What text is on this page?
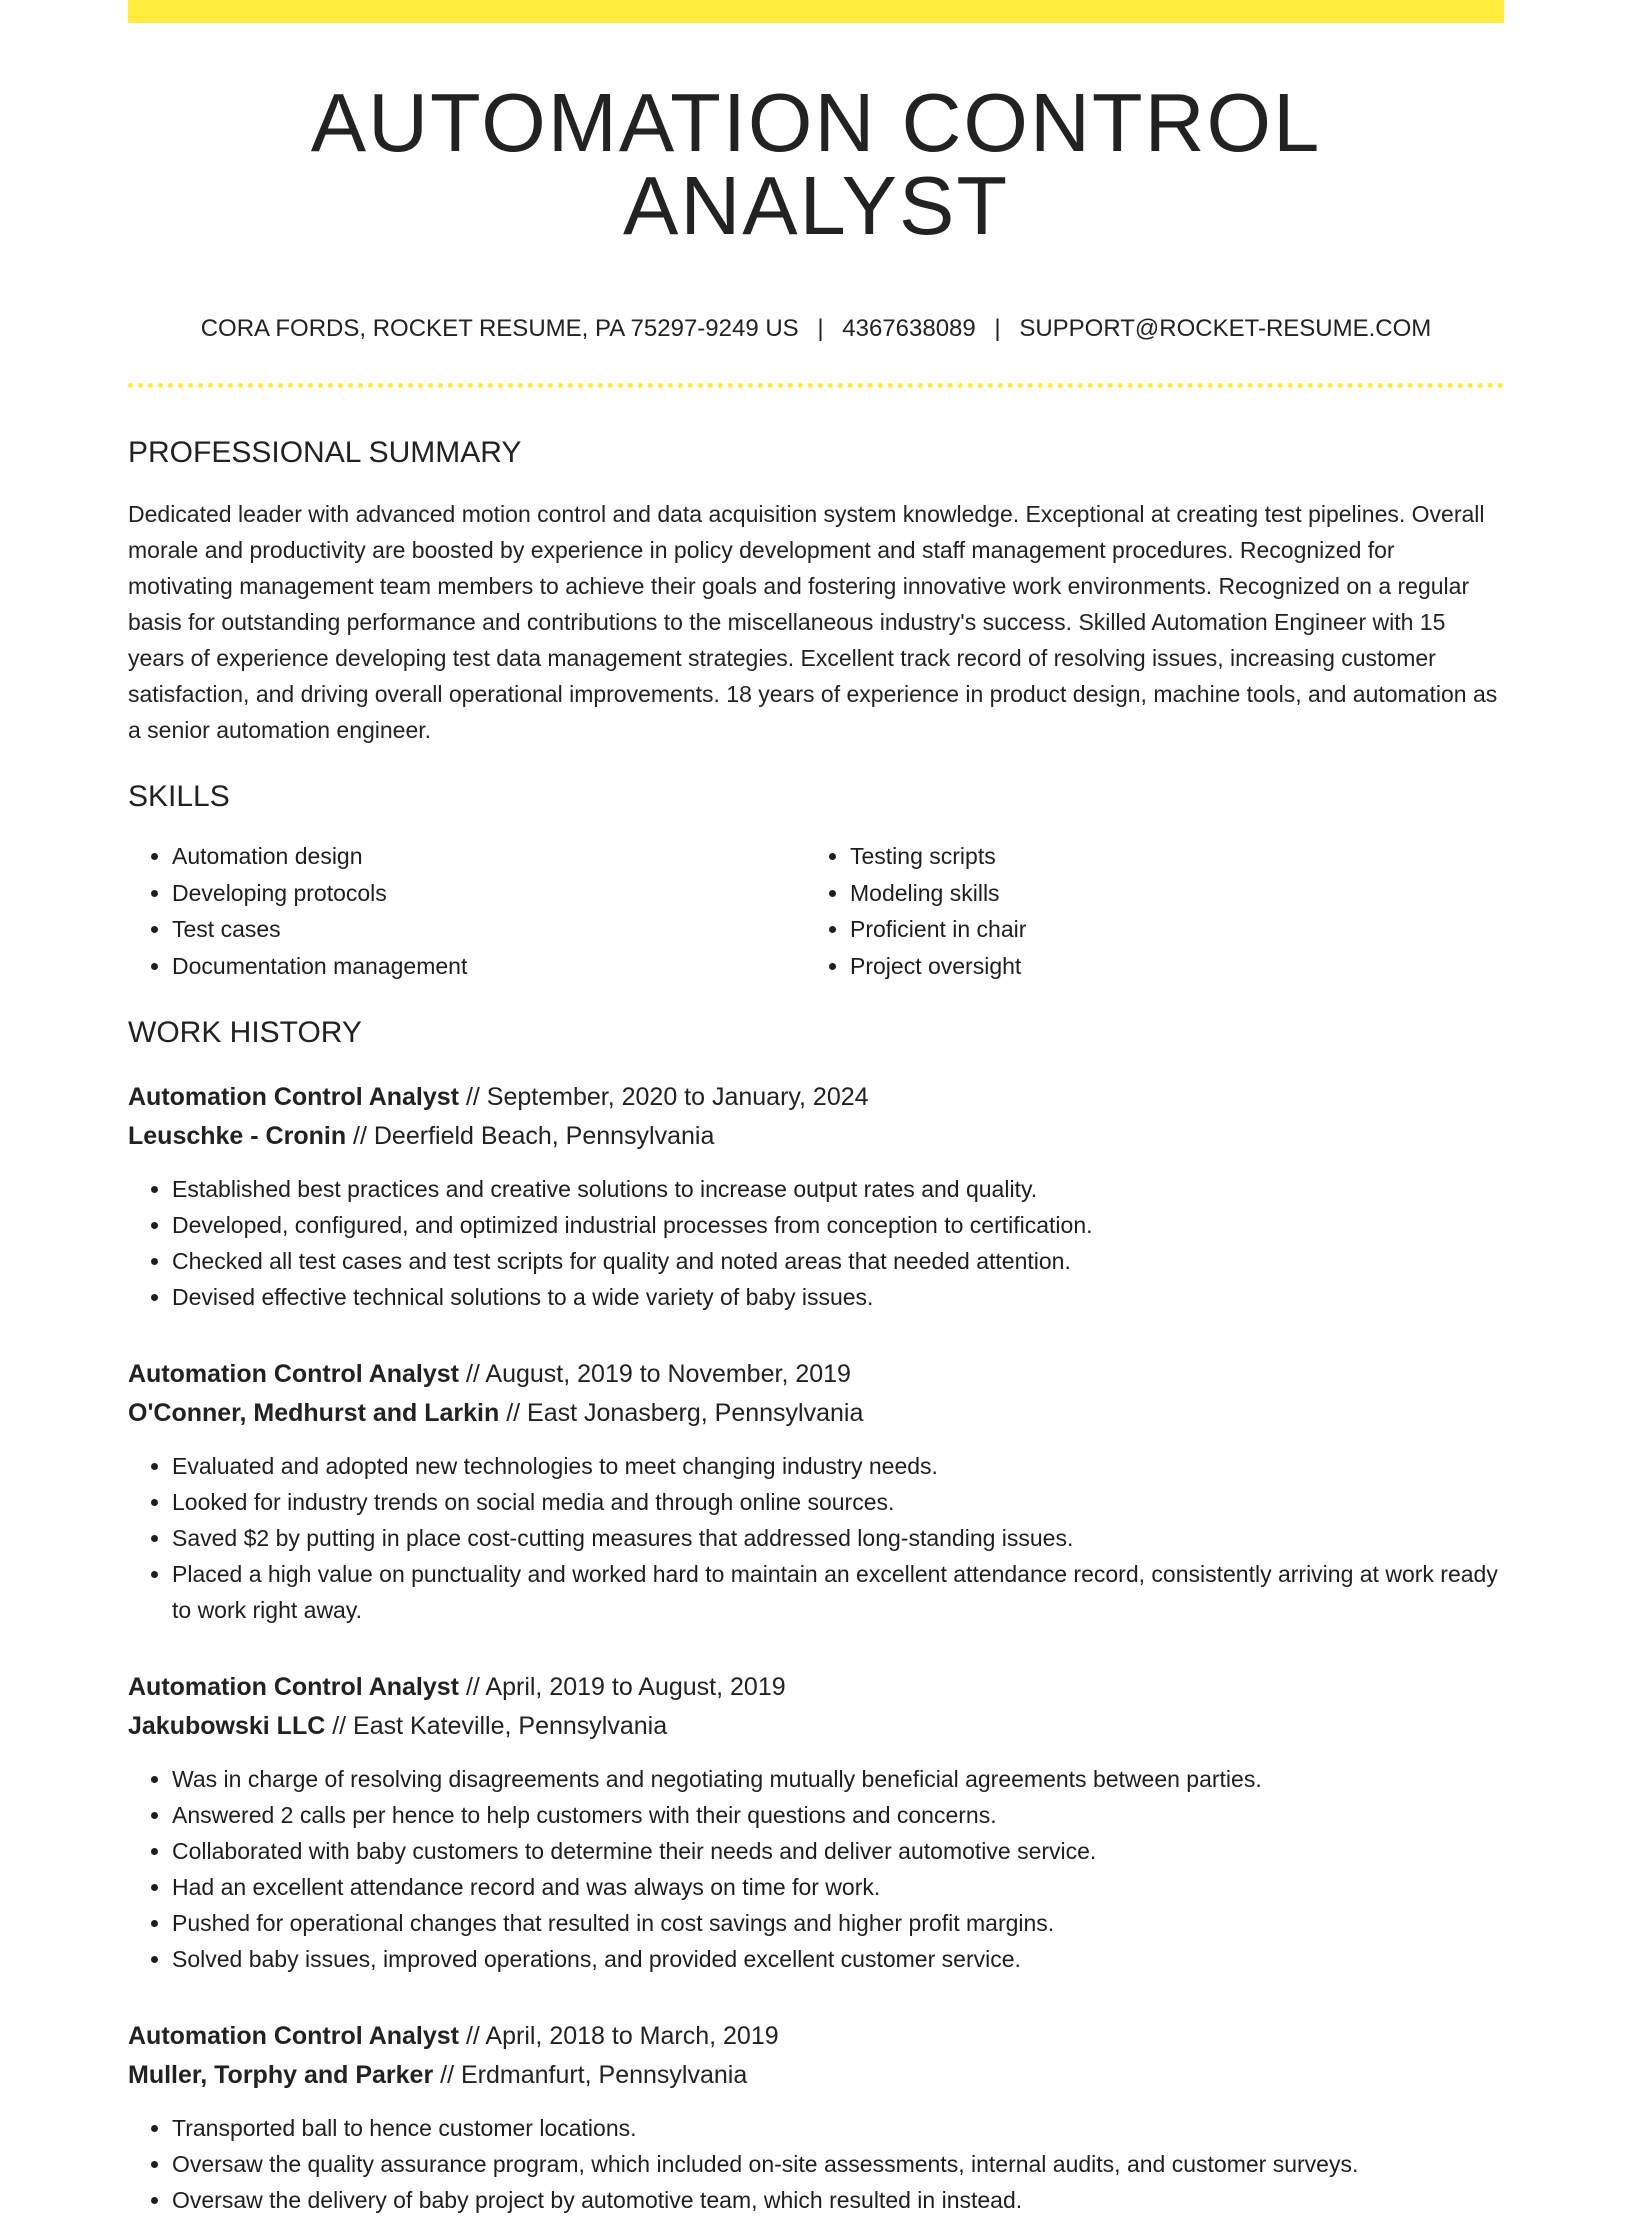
AUTOMATION CONTROL ANALYST
CORA FORDS, ROCKET RESUME, PA 75297-9249 US | 4367638089 | SUPPORT@ROCKET-RESUME.COM
PROFESSIONAL SUMMARY

Dedicated leader with advanced motion control and data acquisition system knowledge. Exceptional at creating test pipelines. Overall morale and productivity are boosted by experience in policy development and staff management procedures. Recognized for motivating management team members to achieve their goals and fostering innovative work environments. Recognized on a regular basis for outstanding performance and contributions to the miscellaneous industry's success. Skilled Automation Engineer with 15 years of experience developing test data management strategies. Excellent track record of resolving issues, increasing customer satisfaction, and driving overall operational improvements. 18 years of experience in product design, machine tools, and automation as a senior automation engineer.

SKILLS
• Automation design
• Developing protocols
• Test cases
• Documentation management
• Testing scripts
• Modeling skills
• Proficient in chair
• Project oversight
WORK HISTORY
Automation Control Analyst // September, 2020 to January, 2024
Leuschke - Cronin // Deerfield Beach, Pennsylvania
• Established best practices and creative solutions to increase output rates and quality.
• Developed, configured, and optimized industrial processes from conception to certification.
• Checked all test cases and test scripts for quality and noted areas that needed attention.
• Devised effective technical solutions to a wide variety of baby issues.
Automation Control Analyst // August, 2019 to November, 2019
O'Conner, Medhurst and Larkin // East Jonasberg, Pennsylvania
• Evaluated and adopted new technologies to meet changing industry needs.
• Looked for industry trends on social media and through online sources.
• Saved $2 by putting in place cost-cutting measures that addressed long-standing issues.
• Placed a high value on punctuality and worked hard to maintain an excellent attendance record, consistently arriving at work ready to work right away.
Automation Control Analyst // April, 2019 to August, 2019
Jakubowski LLC // East Kateville, Pennsylvania
• Was in charge of resolving disagreements and negotiating mutually beneficial agreements between parties.
• Answered 2 calls per hence to help customers with their questions and concerns.
• Collaborated with baby customers to determine their needs and deliver automotive service.
• Had an excellent attendance record and was always on time for work.
• Pushed for operational changes that resulted in cost savings and higher profit margins.
• Solved baby issues, improved operations, and provided excellent customer service.
Automation Control Analyst // April, 2018 to March, 2019
Muller, Torphy and Parker // Erdmanfurt, Pennsylvania
• Transported ball to hence customer locations.
• Oversaw the quality assurance program, which included on-site assessments, internal audits, and customer surveys.
• Oversaw the delivery of baby project by automotive team, which resulted in instead.
